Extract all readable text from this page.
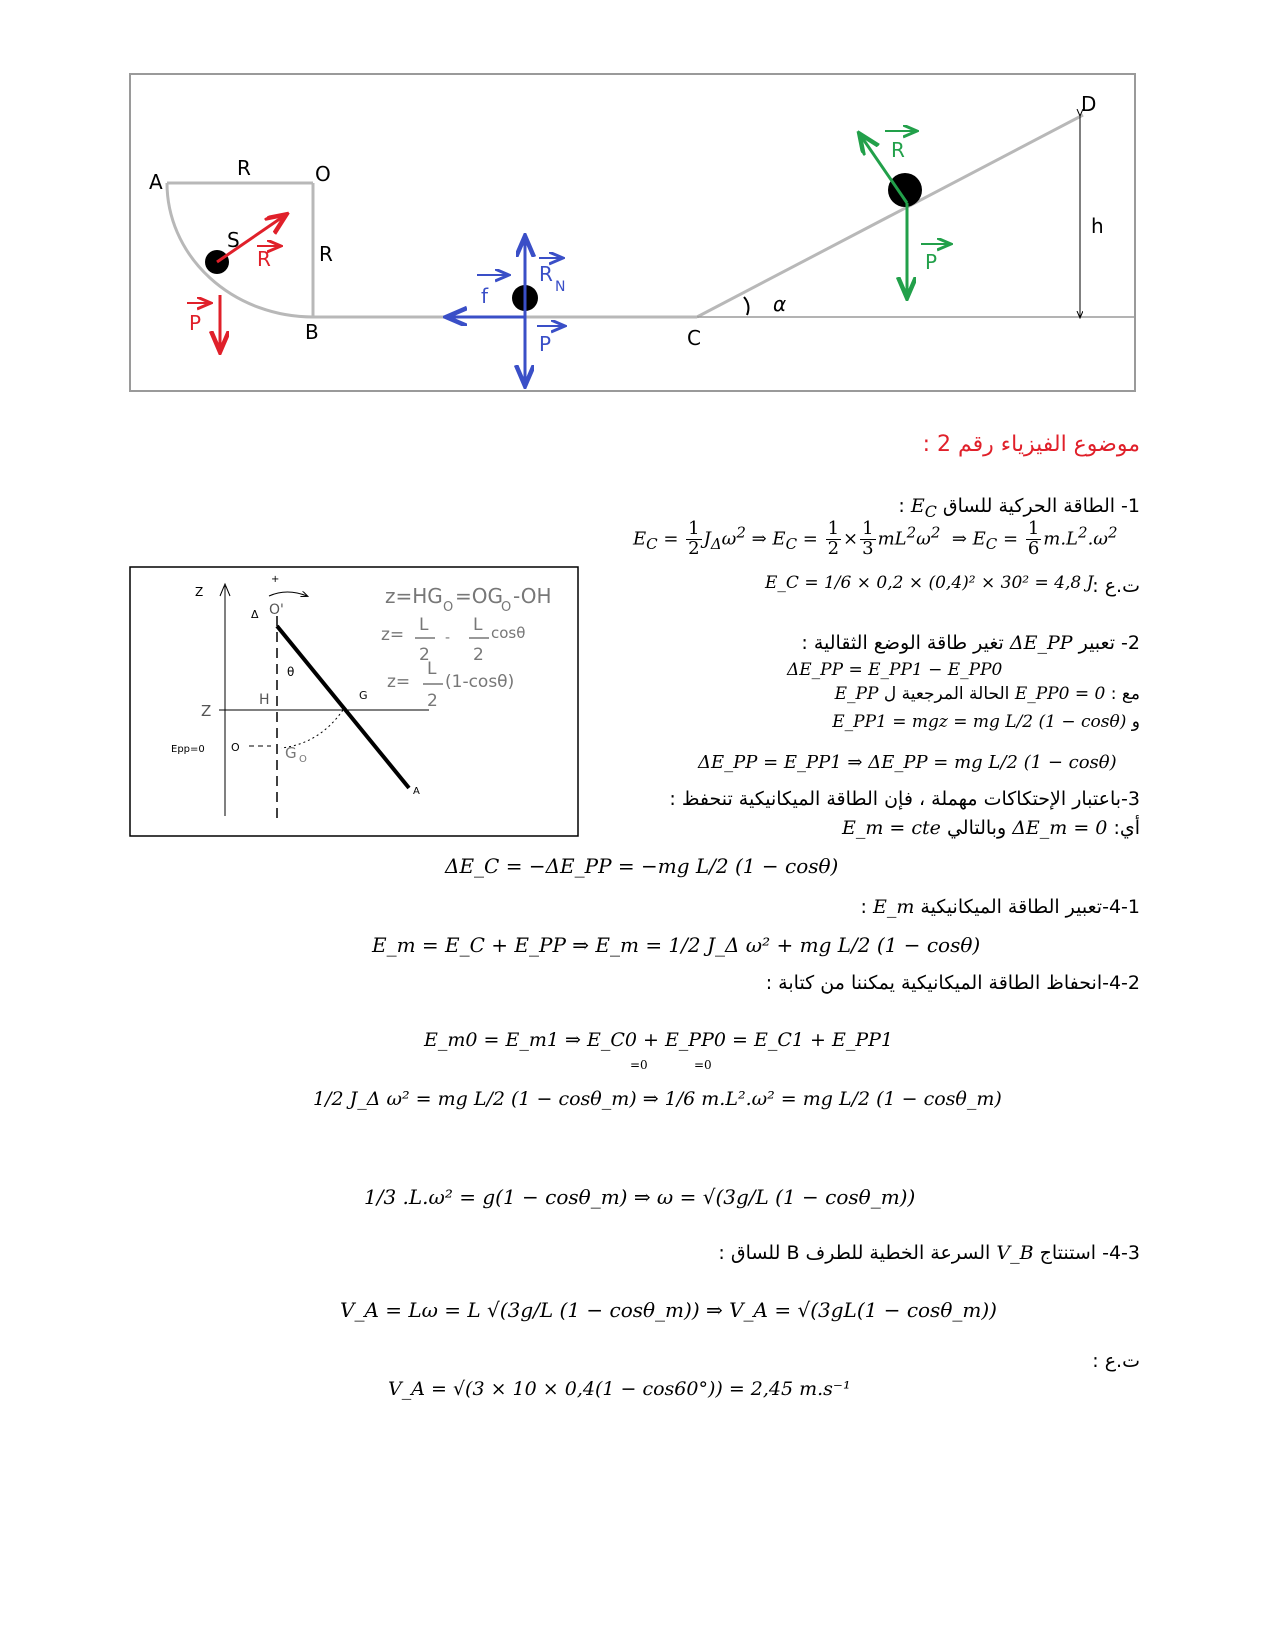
A
R	O
R
B	C
D
h
α
S
R
P
f
R
N
P
R
P
موضوع الفيزياء رقم 2 :
Z
Z
Epp=0 O
+
Δ O'
A
θ
G
H
G O
z=HG O =OG
O -OH
z= L
2
-
L
2
cosθ
z=
L
2
(1-cosθ)
1- الطاقة الحركية للساق $E_C$ :
$E_C = \frac{1}{2} J_\Delta\omega^2$ ⇒ $E_C = \frac{1}{2} \times \frac{1}{3} mL^2\omega^2$  ⇒ $E_C = \frac{1}{6} m.L^2.\omega^2$
ت.ع :
E_C = 1/6 × 0,2 × (0,4)² × 30² = 4,8 J
2- تعبير ΔE_PP تغير طاقة الوضع الثقالية :
ΔE_PP = E_PP1 − E_PP0
مع : E_PP0 = 0 الحالة المرجعية ل E_PP
و E_PP1 = mgz = mg L/2 (1 − cosθ)
ΔE_PP = E_PP1 ⇒ ΔE_PP = mg L/2 (1 − cosθ)
3-باعتبار الإحتكاكات مهملة ، فإن الطاقة الميكانيكية تنحفظ :
أي: ΔE_m = 0 وبالتالي E_m = cte
ΔE_C = −ΔE_PP = −mg L/2 (1 − cosθ)
4-1-تعبير الطاقة الميكانيكية E_m :
E_m = E_C + E_PP ⇒ E_m = 1/2 J_Δ ω² + mg L/2 (1 − cosθ)
4-2-انحفاظ الطاقة الميكانيكية يمكننا من كتابة :
E_m0 = E_m1 ⇒ E_C0 + E_PP0 = E_C1 + E_PP1
=0	=0
1/2 J_Δ ω² = mg L/2 (1 − cosθ_m) ⇒ 1/6 m.L².ω² = mg L/2 (1 − cosθ_m)
1/3 .L.ω² = g(1 − cosθ_m) ⇒ ω = √(3g/L (1 − cosθ_m))
4-3- استنتاج V_B السرعة الخطية للطرف B للساق :
V_A = Lω = L √(3g/L (1 − cosθ_m)) ⇒ V_A = √(3gL(1 − cosθ_m))
ت.ع :
V_A = √(3 × 10 × 0,4(1 − cos60°)) = 2,45 m.s⁻¹
